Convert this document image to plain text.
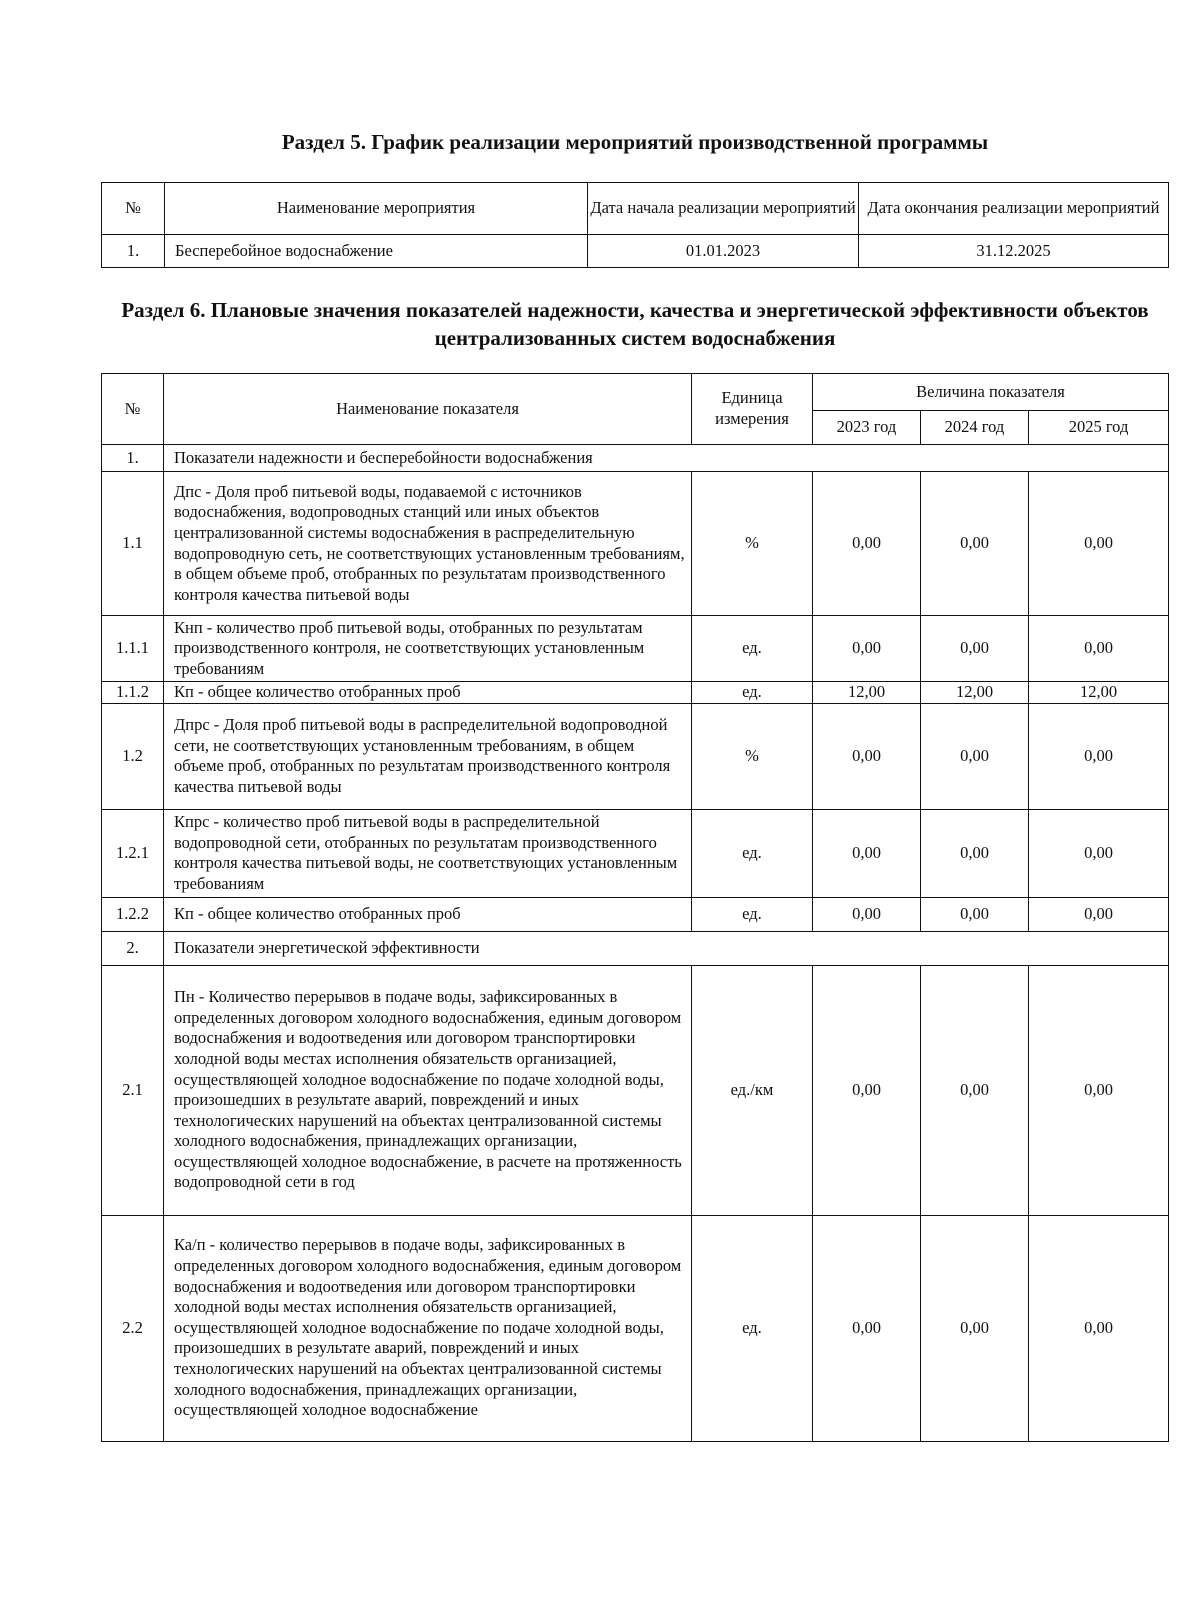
Раздел 5. График реализации мероприятий производственной программы
№	Наименование мероприятия	Дата начала реализации мероприятий	Дата окончания реализации мероприятий
1.	Бесперебойное водоснабжение	01.01.2023	31.12.2025
Раздел 6. Плановые значения показателей надежности, качества и энергетической эффективности объектов централизованных систем водоснабжения
№	Наименование показателя	Единица измерения	Величина показателя		
			2023 год	2024 год	2025 год
1.	Показатели надежности и бесперебойности водоснабжения				
1.1	Дпс - Доля проб питьевой воды, подаваемой с источников водоснабжения, водопроводных станций или иных объектов централизованной системы водоснабжения в распределительную водопроводную сеть, не соответствующих установленным требованиям, в общем объеме проб, отобранных по результатам производственного контроля качества питьевой воды	%	0,00	0,00	0,00
1.1.1	Кнп - количество проб питьевой воды, отобранных по результатам производственного контроля, не соответствующих установленным требованиям	ед.	0,00	0,00	0,00
1.1.2	Кп - общее количество отобранных проб	ед.	12,00	12,00	12,00
1.2	Дпрс - Доля проб питьевой воды в распределительной водопроводной сети, не соответствующих установленным требованиям, в общем объеме проб, отобранных по результатам производственного контроля качества питьевой воды	%	0,00	0,00	0,00
1.2.1	Кпрс - количество проб питьевой воды в распределительной водопроводной сети, отобранных по результатам производственного контроля качества питьевой воды, не соответствующих установленным требованиям	ед.	0,00	0,00	0,00
1.2.2	Кп - общее количество отобранных проб	ед.	0,00	0,00	0,00
2.	Показатели энергетической эффективности				
2.1	Пн - Количество перерывов в подаче воды, зафиксированных в определенных договором холодного водоснабжения, единым договором водоснабжения и водоотведения или договором транспортировки холодной воды местах исполнения обязательств организацией, осуществляющей холодное водоснабжение по подаче холодной воды, произошедших в результате аварий, повреждений и иных технологических нарушений на объектах централизованной системы холодного водоснабжения, принадлежащих организации, осуществляющей холодное водоснабжение, в расчете на протяженность водопроводной сети в год	ед./км	0,00	0,00	0,00
2.2	Ка/п - количество перерывов в подаче воды, зафиксированных в определенных договором холодного водоснабжения, единым договором водоснабжения и водоотведения или договором транспортировки холодной воды местах исполнения обязательств организацией, осуществляющей холодное водоснабжение по подаче холодной воды, произошедших в результате аварий, повреждений и иных технологических нарушений на объектах централизованной системы холодного водоснабжения, принадлежащих организации, осуществляющей холодное водоснабжение	ед.	0,00	0,00	0,00
